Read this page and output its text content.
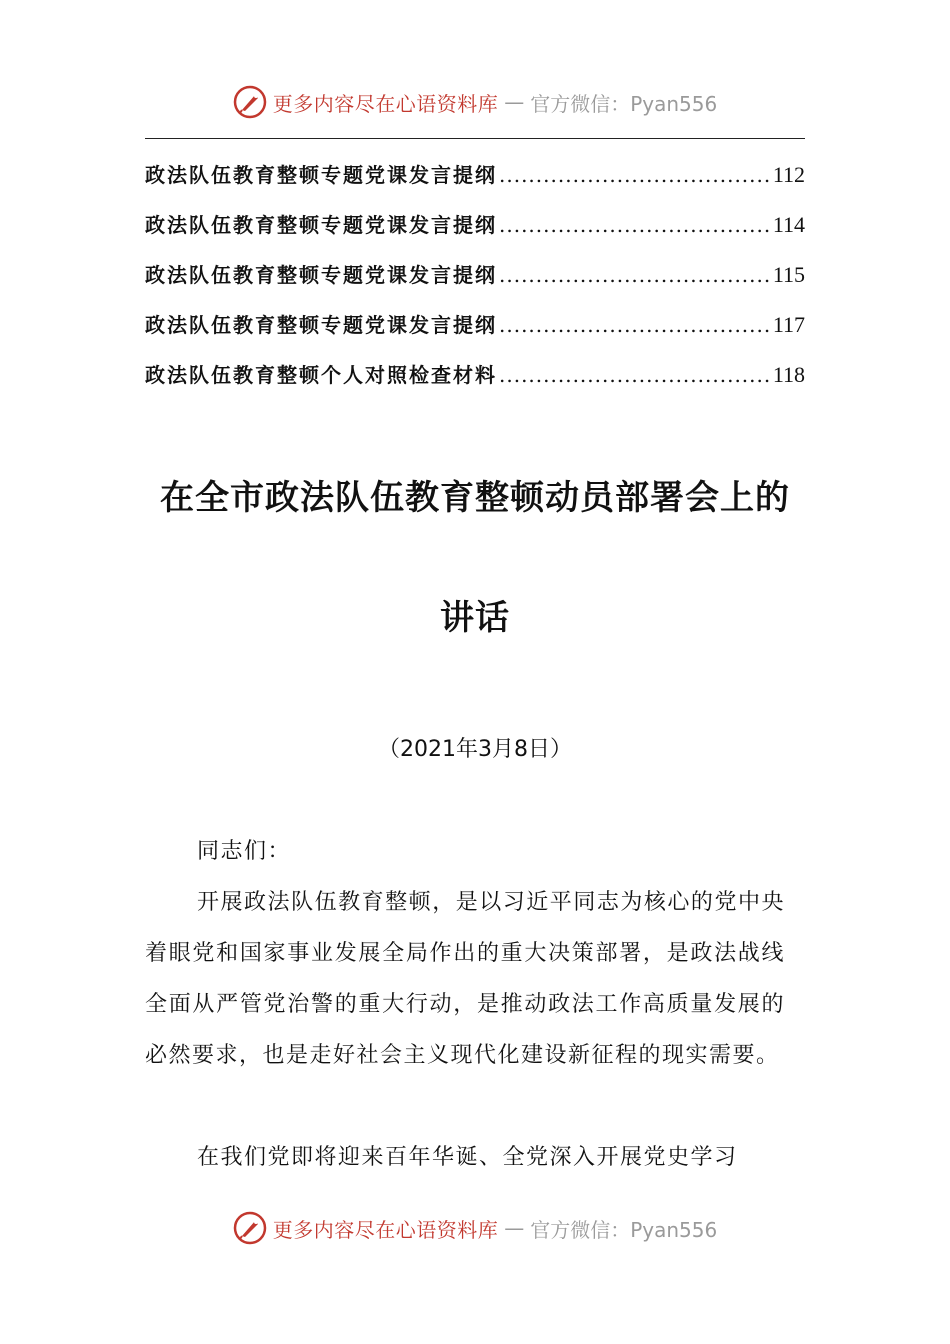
更多内容尽在心语资料库 — 官方微信：Pyan556
政法队伍教育整顿专题党课发言提纲 .....	112
政法队伍教育整顿专题党课发言提纲 .....	114
政法队伍教育整顿专题党课发言提纲 .....	115
政法队伍教育整顿专题党课发言提纲 .....	117
政法队伍教育整顿个人对照检查材料 .....	118
在全市政法队伍教育整顿动员部署会上的
讲话
（2021年3月8日）

同志们：

开展政法队伍教育整顿，是以习近平同志为核心的党中央着眼党和国家事业发展全局作出的重大决策部署，是政法战线全面从严管党治警的重大行动，是推动政法工作高质量发展的必然要求，也是走好社会主义现代化建设新征程的现实需要。

在我们党即将迎来百年华诞、全党深入开展党史学习

更多内容尽在心语资料库 — 官方微信：Pyan556
